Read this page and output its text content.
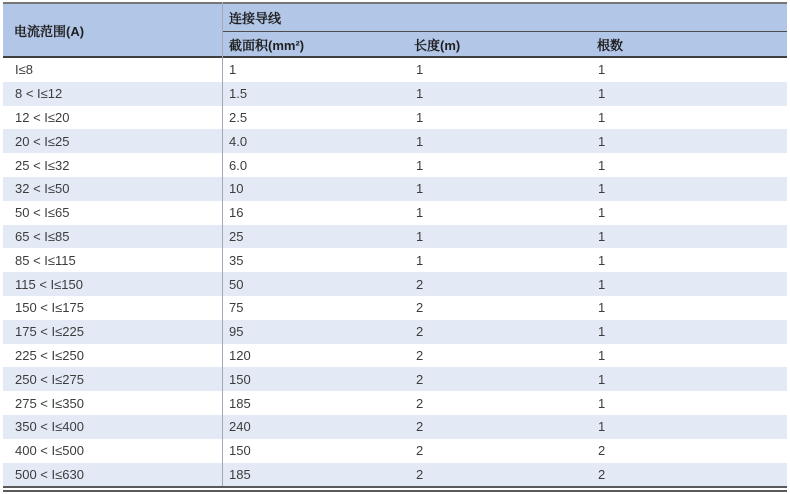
电流范围(A)
连接导线
截面积(mm²)	长度(m)	根数
I≤8	1	1	1
8 < I≤12	1.5	1	1
12 < I≤20	2.5	1	1
20 < I≤25	4.0	1	1
25 < I≤32	6.0	1	1
32 < I≤50	10	1	1
50 < I≤65	16	1	1
65 < I≤85	25	1	1
85 < I≤115	35	1	1
115 < I≤150	50	2	1
150 < I≤175	75	2	1
175 < I≤225	95	2	1
225 < I≤250	120	2	1
250 < I≤275	150	2	1
275 < I≤350	185	2	1
350 < I≤400	240	2	1
400 < I≤500	150	2	2
500 < I≤630	185	2	2
